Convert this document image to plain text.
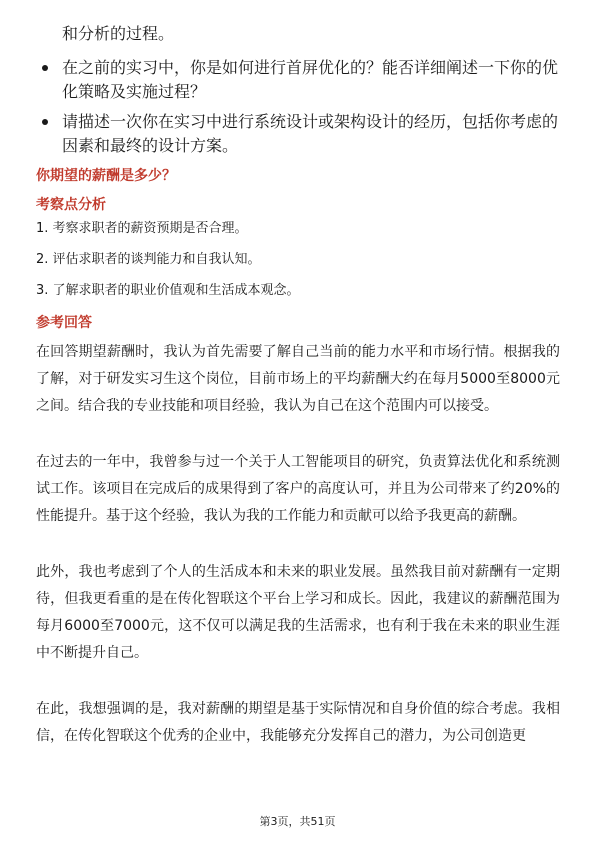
和分析的过程。

在之前的实习中，你是如何进行首屏优化的？能否详细阐述一下你的优化策略及实施过程？
请描述一次你在实习中进行系统设计或架构设计的经历，包括你考虑的因素和最终的设计方案。
你期望的薪酬是多少？
考察点分析
1. 考察求职者的薪资预期是否合理。
2. 评估求职者的谈判能力和自我认知。
3. 了解求职者的职业价值观和生活成本观念。
参考回答

在回答期望薪酬时，我认为首先需要了解自己当前的能力水平和市场行情。根据我的了解，对于研发实习生这个岗位，目前市场上的平均薪酬大约在每月5000至8000元之间。结合我的专业技能和项目经验，我认为自己在这个范围内可以接受。

在过去的一年中，我曾参与过一个关于人工智能项目的研究，负责算法优化和系统测试工作。该项目在完成后的成果得到了客户的高度认可，并且为公司带来了约20%的性能提升。基于这个经验，我认为我的工作能力和贡献可以给予我更高的薪酬。

此外，我也考虑到了个人的生活成本和未来的职业发展。虽然我目前对薪酬有一定期待，但我更看重的是在传化智联这个平台上学习和成长。因此，我建议的薪酬范围为每月6000至7000元，这不仅可以满足我的生活需求，也有利于我在未来的职业生涯中不断提升自己。

在此，我想强调的是，我对薪酬的期望是基于实际情况和自身价值的综合考虑。我相信，在传化智联这个优秀的企业中，我能够充分发挥自己的潜力，为公司创造更

第3页，共51页
